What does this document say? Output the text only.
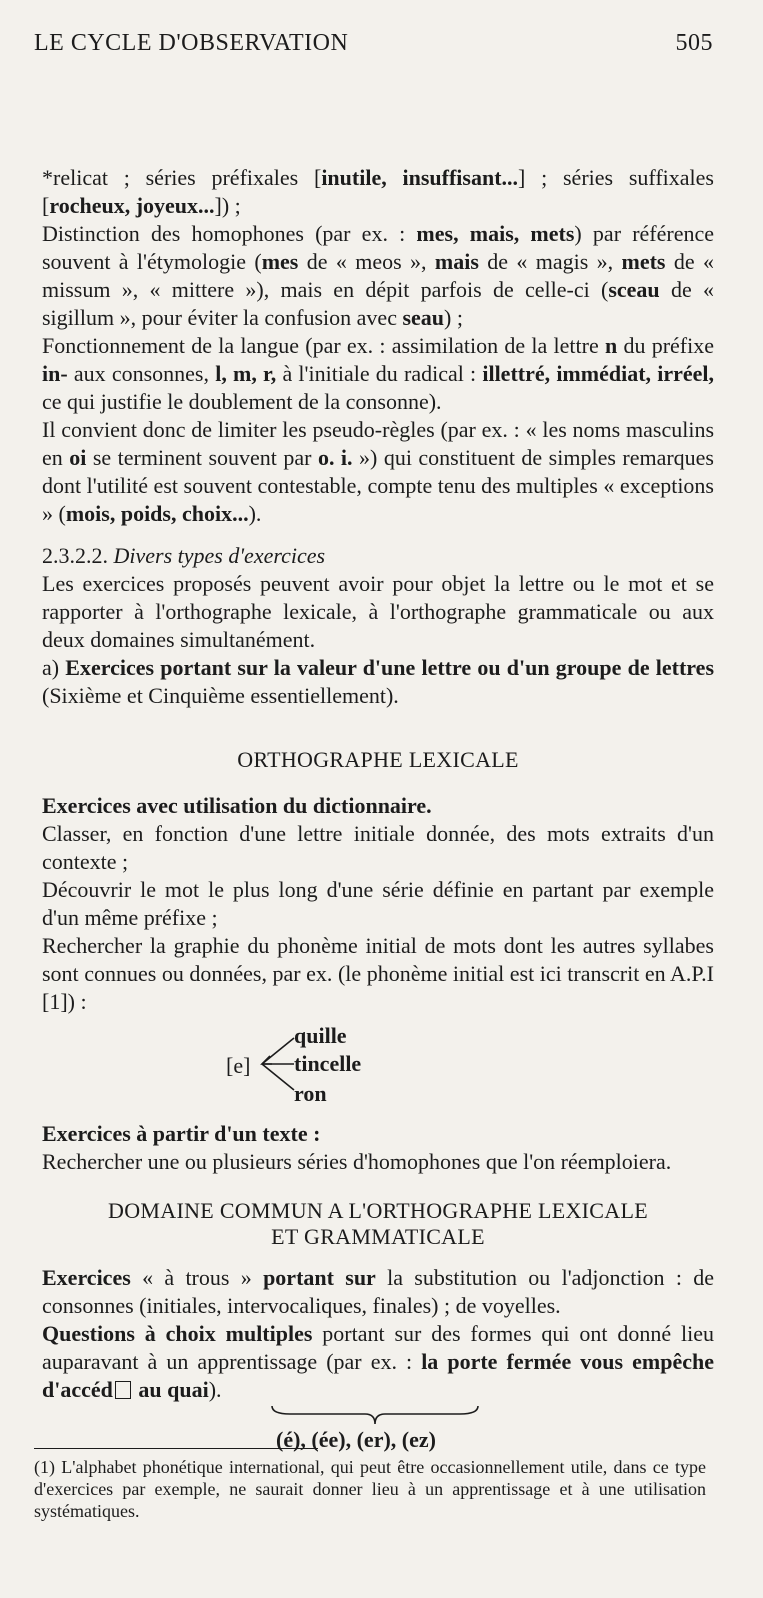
LE CYCLE D'OBSERVATION	505

*relicat ; séries préfixales [inutile, insuffisant...] ; séries suffixales [rocheux, joyeux...]) ;

Distinction des homophones (par ex. : mes, mais, mets) par référence souvent à l'étymologie (mes de « meos », mais de « magis », mets de « missum », « mittere »), mais en dépit parfois de celle-ci (sceau de « sigillum », pour éviter la confusion avec seau) ;

Fonctionnement de la langue (par ex. : assimilation de la lettre n du préfixe in- aux consonnes, l, m, r, à l'initiale du radical : illettré, immédiat, irréel, ce qui justifie le doublement de la consonne).

Il convient donc de limiter les pseudo-règles (par ex. : « les noms masculins en oi se terminent souvent par o. i. ») qui constituent de simples remarques dont l'utilité est souvent contestable, compte tenu des multiples « exceptions » (mois, poids, choix...).

2.3.2.2. Divers types d'exercices

Les exercices proposés peuvent avoir pour objet la lettre ou le mot et se rapporter à l'orthographe lexicale, à l'orthographe grammaticale ou aux deux domaines simultanément.

a) Exercices portant sur la valeur d'une lettre ou d'un groupe de lettres (Sixième et Cinquième essentiellement).

ORTHOGRAPHE LEXICALE

Exercices avec utilisation du dictionnaire.

Classer, en fonction d'une lettre initiale donnée, des mots extraits d'un contexte ;

Découvrir le mot le plus long d'une série définie en partant par exemple d'un même préfixe ;

Rechercher la graphie du phonème initial de mots dont les autres syllabes sont connues ou données, par ex. (le phonème initial est ici transcrit en A.P.I [1]) :

[e]
quille
tincelle
ron

Exercices à partir d'un texte :

Rechercher une ou plusieurs séries d'homophones que l'on réemploiera.

DOMAINE COMMUN A L'ORTHOGRAPHE LEXICALE
ET GRAMMATICALE

Exercices « à trous » portant sur la substitution ou l'adjonction : de consonnes (initiales, intervocaliques, finales) ; de voyelles.

Questions à choix multiples portant sur des formes qui ont donné lieu auparavant à un apprentissage (par ex. : la porte fermée vous empêche d'accéd au quai).

(é), (ée), (er), (ez)

(1) L'alphabet phonétique international, qui peut être occasionnellement utile, dans ce type d'exercices par exemple, ne saurait donner lieu à un apprentissage et à une utilisation systématiques.
